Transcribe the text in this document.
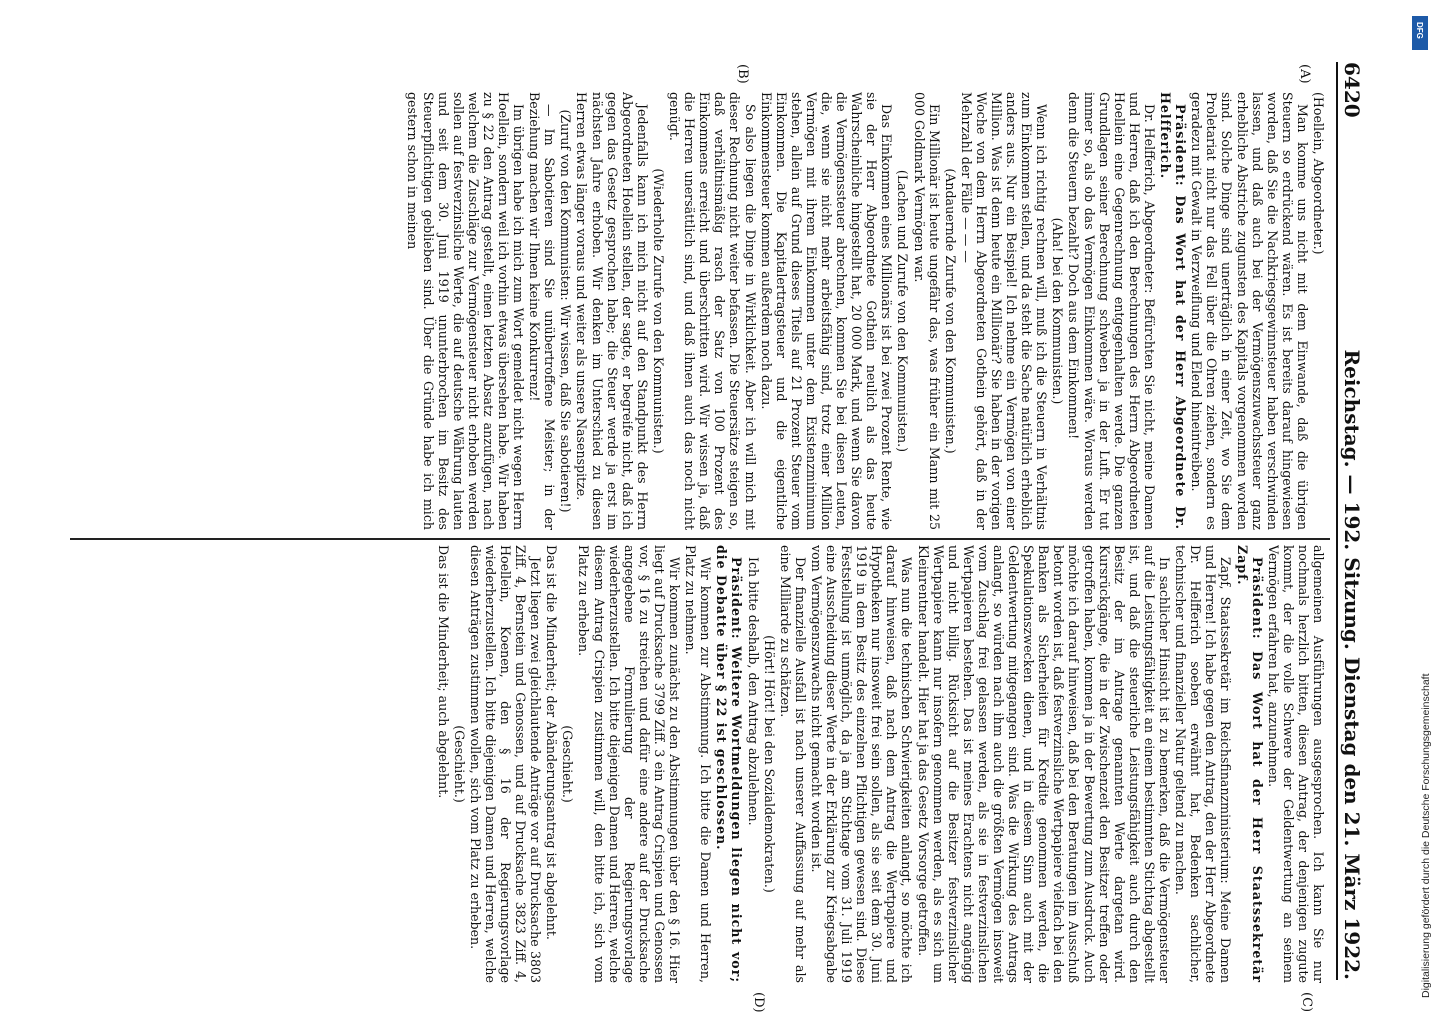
6420
Reichstag. — 192. Sitzung. Dienstag den 21. März 1922.
(A)
(B)
(C)
(D)

(Hoellein, Abgeordneter.)

Man komme uns nicht mit dem Einwande, daß die übrigen Steuern so erdrückend wären. Es ist bereits darauf hingewiesen worden, daß Sie die Nachkriegsgewinnsteuer haben verschwinden lassen, und daß auch bei der Vermögenszuwachssteuer ganz erhebliche Abstriche zugunsten des Kapitals vorgenommen worden sind. Solche Dinge sind unerträglich in einer Zeit, wo Sie dem Proletariat nicht nur das Fell über die Ohren ziehen, sondern es geradezu mit Gewalt in Verzweiflung und Elend hineintreiben.

Präsident: Das Wort hat der Herr Abgeordnete Dr. Helfferich.

Dr. Helfferich, Abgeordneter: Befürchten Sie nicht, meine Damen und Herren, daß ich den Berechnungen des Herrn Abgeordneten Hoellein eine Gegenrechnung entgegenhalten werde. Die ganzen Grundlagen seiner Berechnung schweben ja in der Luft. Er tut immer so, als ob das Vermögen Einkommen wäre. Woraus werden denn die Steuern bezahlt? Doch aus dem Einkommen!

(Aha! bei den Kommunisten.)

Wenn ich richtig rechnen will, muß ich die Steuern in Verhältnis zum Einkommen stellen, und da steht die Sache natürlich erheblich anders aus. Nur ein Beispiel! Ich nehme ein Vermögen von einer Million. Was ist denn heute ein Millionär? Sie haben in der vorigen Woche von dem Herrn Abgeordneten Gothein gehört, daß in der Mehrzahl der Fälle — — —

(Andauernde Zurufe von den Kommunisten.)

Ein Millionär ist heute ungefähr das, was früher ein Mann mit 25 000 Goldmark Vermögen war.

(Lachen und Zurufe von den Kommunisten.)

Das Einkommen eines Millionärs ist bei zwei Prozent Rente, wie sie der Herr Abgeordnete Gothein neulich als das heute Wahrscheinliche hingestellt hat, 20 000 Mark, und wenn Sie davon die Vermögenssteuer abrechnen, kommen Sie bei diesen Leuten, die, wenn sie nicht mehr arbeitsfähig sind, trotz einer Million Vermögen mit ihrem Einkommen unter dem Existenzminimum stehen, allein auf Grund dieses Titels auf 21 Prozent Steuer vom Einkommen. Die Kapitalertragsteuer und die eigentliche Einkommensteuer kommen außerdem noch dazu.

So also liegen die Dinge in Wirklichkeit. Aber ich will mich mit dieser Rechnung nicht weiter befassen. Die Steuersätze steigen so, daß verhältnismäßig rasch der Satz von 100 Prozent des Einkommens erreicht und überschritten wird. Wir wissen ja, daß die Herren unersättlich sind, und daß ihnen auch das noch nicht genügt.

(Wiederholte Zurufe von den Kommunisten.)

Jedenfalls kann ich mich nicht auf den Standpunkt des Herrn Abgeordneten Hoellein stellen, der sagte, er begreife nicht, daß ich gegen das Gesetz gesprochen habe; die Steuer werde ja erst im nächsten Jahre erhoben. Wir denken im Unterschied zu diesen Herren etwas länger voraus und weiter als unsere Nasenspitze.

(Zuruf von den Kommunisten: Wir wissen, daß Sie sabotieren!)

— Im Sabotieren sind Sie unübertroffene Meister; in der Beziehung machen wir Ihnen keine Konkurrenz!

Im übrigen habe ich mich zum Wort gemeldet nicht wegen Herrn Hoellein, sondern weil ich vorhin etwas übersehen habe. Wir haben zu § 22 den Antrag gestellt, einen letzten Absatz anzufügen, nach welchem die Zuschläge zur Vermögensteuer nicht erhoben werden sollen auf festverzinsliche Werte, die auf deutsche Währung lauten und seit dem 30. Juni 1919 ununterbrochen im Besitz des Steuerpflichtigen geblieben sind. Über die Gründe habe ich mich gestern schon in meinen

allgemeinen Ausführungen ausgesprochen. Ich kann Sie nur nochmals herzlich bitten, diesen Antrag, der denjenigen zugute kommt, der die volle Schwere der Geldentwertung an seinem Vermögen erfahren hat, anzunehmen.

Präsident: Das Wort hat der Herr Staatssekretär Zapf.

Zapf, Staatssekretär im Reichsfinanzministerium: Meine Damen und Herren! Ich habe gegen den Antrag, den der Herr Abgeordnete Dr. Helfferich soeben erwähnt hat, Bedenken sachlicher, technischer und finanzieller Natur geltend zu machen.

In sachlicher Hinsicht ist zu bemerken, daß die Vermögensteuer auf die Leistungsfähigkeit an einem bestimmten Stichtag abgestellt ist, und daß die steuerliche Leistungsfähigkeit auch durch den Besitz der im Antrage genannten Werte dargetan wird. Kursrückgänge, die in der Zwischenzeit den Besitzer treffen oder getroffen haben, kommen ja in der Bewertung zum Ausdruck. Auch möchte ich darauf hinweisen, daß bei den Beratungen im Ausschuß betont worden ist, daß festverzinsliche Wertpapiere vielfach bei den Banken als Sicherheiten für Kredite genommen werden, die Spekulationszwecken dienen, und in diesem Sinn auch mit der Geldentwertung mitgegangen sind. Was die Wirkung des Antrags anlangt, so würden nach ihm auch die größten Vermögen insoweit vom Zuschlag frei gelassen werden, als sie in festverzinslichen Wertpapieren bestehen. Das ist meines Erachtens nicht angängig und nicht billig. Rücksicht auf die Besitzer festverzinslicher Wertpapiere kann nur insofern genommen werden, als es sich um Kleinrentner handelt. Hier hat ja das Gesetz Vorsorge getroffen.

Was nun die technischen Schwierigkeiten anlangt, so möchte ich darauf hinweisen, daß nach dem Antrag die Wertpapiere und Hypotheken nur insoweit frei sein sollen, als sie seit dem 30. Juni 1919 in dem Besitz des einzelnen Pflichtigen gewesen sind. Diese Feststellung ist unmöglich, da ja am Stichtage vom 31. Juli 1919 eine Ausscheidung dieser Werte in der Erklärung zur Kriegsabgabe vom Vermögenszuwachs nicht gemacht worden ist.

Der finanzielle Ausfall ist nach unserer Auffassung auf mehr als eine Milliarde zu schätzen.

(Hört! Hört! bei den Sozialdemokraten.)

Ich bitte deshalb, den Antrag abzulehnen.

Präsident: Weitere Wortmeldungen liegen nicht vor; die Debatte über § 22 ist geschlossen.

Wir kommen zur Abstimmung. Ich bitte die Damen und Herren, Platz zu nehmen.

Wir kommen zunächst zu den Abstimmungen über den § 16. Hier liegt auf Drucksache 3799 Ziff. 3 ein Antrag Crispien und Genossen vor, § 16 zu streichen und dafür eine andere auf der Drucksache angegebene Formulierung der Regierungsvorlage wiederherzustellen. Ich bitte diejenigen Damen und Herren, welche diesem Antrag Crispien zustimmen will, den bitte ich, sich vom Platz zu erheben.

(Geschieht.)

Das ist die Minderheit; der Abänderungsantrag ist abgelehnt.

Jetzt liegen zwei gleichlautende Anträge vor auf Drucksache 3803 Ziff. 4, Bernstein und Genossen, und auf Drucksache 3823 Ziff. 4, Hoellein, Koenen, den § 16 der Regierungsvorlage wiederherzustellen. Ich bitte diejenigen Damen und Herren, welche diesen Anträgen zustimmen wollen, sich vom Platz zu erheben.

(Geschieht.)

Das ist die Minderheit; auch abgelehnt.

DFG
Digitalisierung gefördert durch die Deutsche Forschungsgemeinschaft
